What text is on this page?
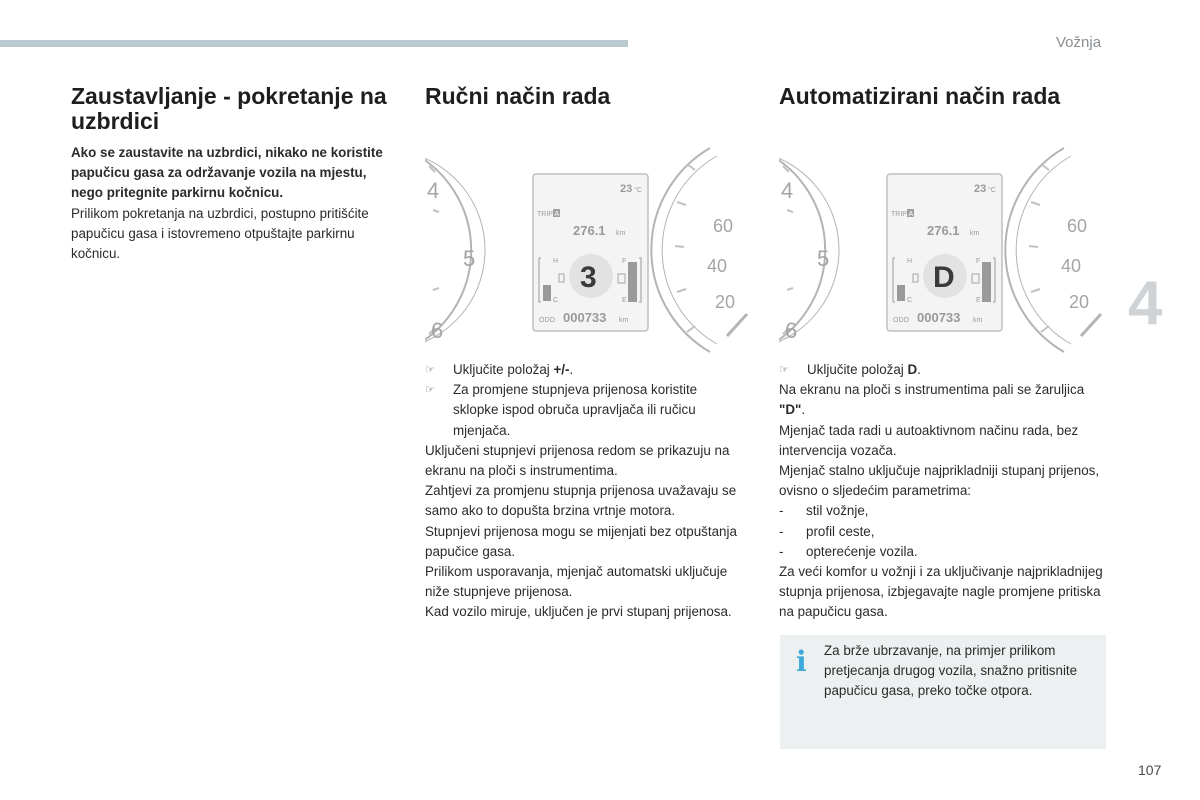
Vožnja
4
107
Zaustavljanje - pokretanje na uzbrdici

Ako se zaustavite na uzbrdici, nikako ne koristite papučicu gasa za održavanje vozila na mjestu, nego pritegnite parkirnu kočnicu.

Prilikom pokretanja na uzbrdici, postupno pritišćite papučicu gasa i istovremeno otpuštajte parkirnu kočnicu.

Ručni način rada
4
5
6
60
40
20
23 °C
TRIP A
276.1 km
3
H
C
F
E
ODO 000733 km
☞	Uključite položaj +/-.
☞	Za promjene stupnjeva prijenosa koristite sklopke ispod obruča upravljača ili ručicu mjenjača.

Uključeni stupnjevi prijenosa redom se prikazuju na ekranu na ploči s instrumentima.

Zahtjevi za promjenu stupnja prijenosa uvažavaju se samo ako to dopušta brzina vrtnje motora.

Stupnjevi prijenosa mogu se mijenjati bez otpuštanja papučice gasa.

Prilikom usporavanja, mjenjač automatski uključuje niže stupnjeve prijenosa.

Kad vozilo miruje, uključen je prvi stupanj prijenosa.

Automatizirani način rada
4
5
6
60
40
20
23 °C
TRIP A
276.1 km
D
H
C
F
E
ODO 000733 km
☞	Uključite položaj D.

Na ekranu na ploči s instrumentima pali se žaruljica "D".

Mjenjač tada radi u autoaktivnom načinu rada, bez intervencija vozača.

Mjenjač stalno uključuje najprikladniji stupanj prijenos, ovisno o sljedećim parametrima:

-	stil vožnje,
-	profil ceste,
-	opterećenje vozila.

Za veći komfor u vožnji i za uključivanje najprikladnijeg stupnja prijenosa, izbjegavajte nagle promjene pritiska na papučicu gasa.

i Za brže ubrzavanje, na primjer prilikom pretjecanja drugog vozila, snažno pritisnite papučicu gasa, preko točke otpora.
